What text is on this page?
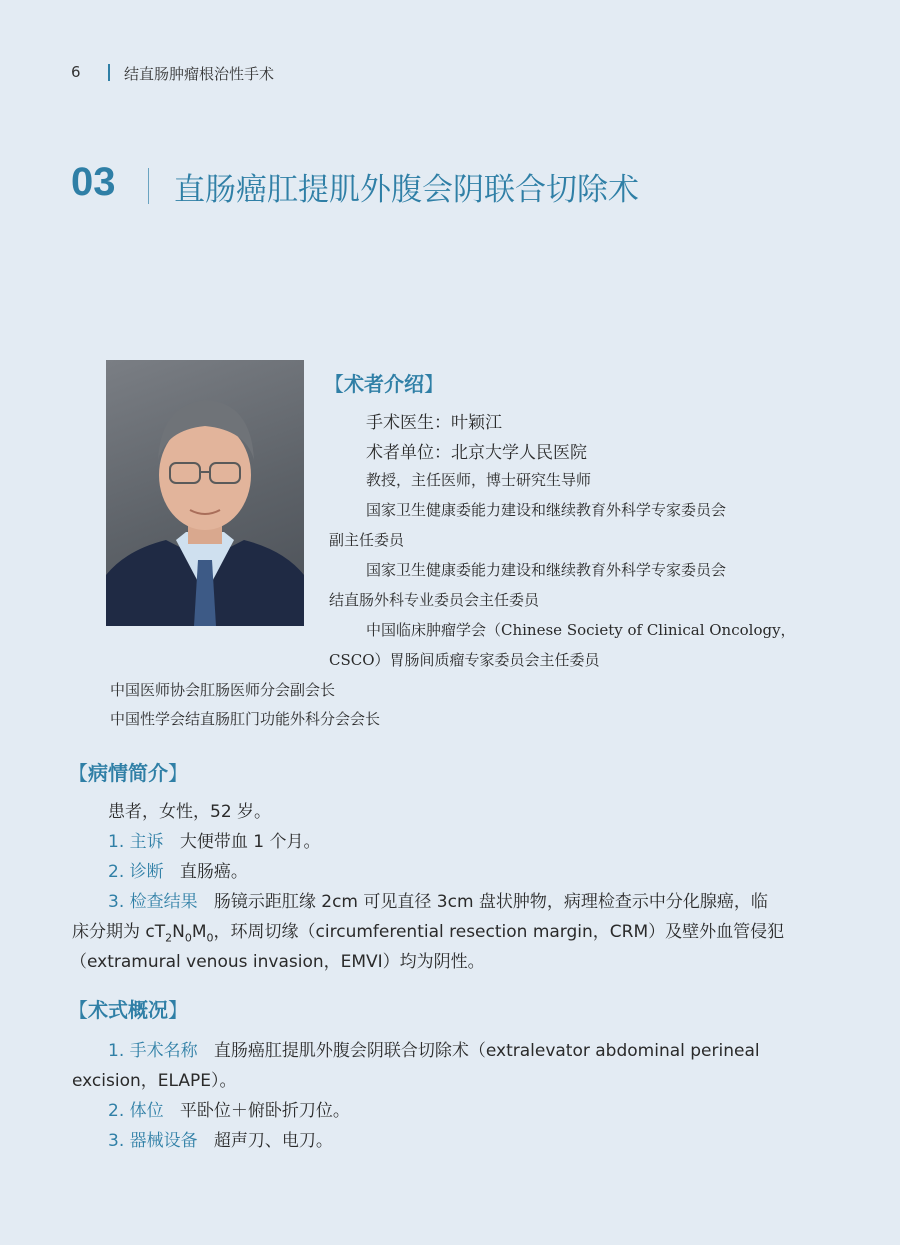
6	结直肠肿瘤根治性手术
03 直肠癌肛提肌外腹会阴联合切除术
【术者介绍】
手术医生：叶颖江
术者单位：北京大学人民医院
教授，主任医师，博士研究生导师
国家卫生健康委能力建设和继续教育外科学专家委员会
副主任委员
国家卫生健康委能力建设和继续教育外科学专家委员会
结直肠外科专业委员会主任委员
中国临床肿瘤学会（Chinese Society of Clinical Oncology，
CSCO）胃肠间质瘤专家委员会主任委员
中国医师协会肛肠医师分会副会长
中国性学会结直肠肛门功能外科分会会长
【病情简介】
患者，女性，52 岁。
1. 主诉 大便带血 1 个月。
2. 诊断 直肠癌。
3. 检查结果 肠镜示距肛缘 2cm 可见直径 3cm 盘状肿物，病理检查示中分化腺癌，临
床分期为 $cT_2N_0M_0$，环周切缘（circumferential resection margin，CRM）及壁外血管侵犯
（extramural venous invasion，EMVI）均为阴性。
【术式概况】
1. 手术名称 直肠癌肛提肌外腹会阴联合切除术（extralevator abdominal perineal
excision，ELAPE）。
2. 体位 平卧位＋俯卧折刀位。
3. 器械设备 超声刀、电刀。
